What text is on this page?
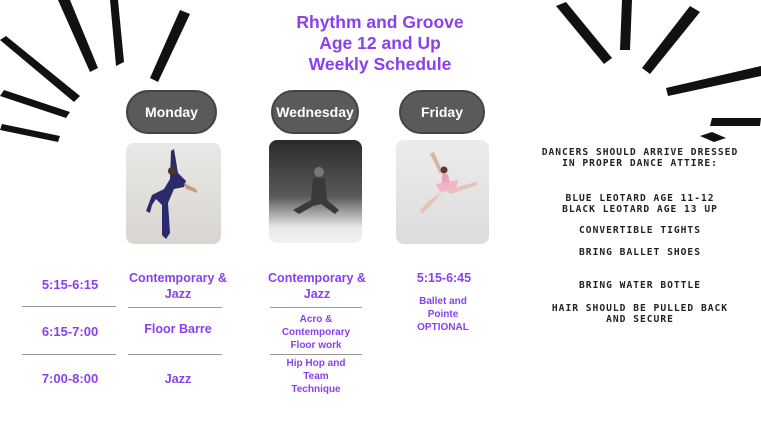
Rhythm and Groove
Age 12 and Up
Weekly Schedule
Monday	Wednesday	Friday
5:15-6:15
6:15-7:00
7:00-8:00
Contemporary & Jazz
Floor Barre
Jazz
Contemporary & Jazz
Acro & Contemporary Floor work
Hip Hop and Team Technique
5:15-6:45
Ballet and Pointe OPTIONAL
DANCERS SHOULD ARRIVE DRESSED IN PROPER DANCE ATTIRE:
BLUE LEOTARD AGE 11-12
BLACK LEOTARD AGE 13 UP
CONVERTIBLE TIGHTS
BRING BALLET SHOES
BRING WATER BOTTLE
HAIR SHOULD BE PULLED BACK AND SECURE
